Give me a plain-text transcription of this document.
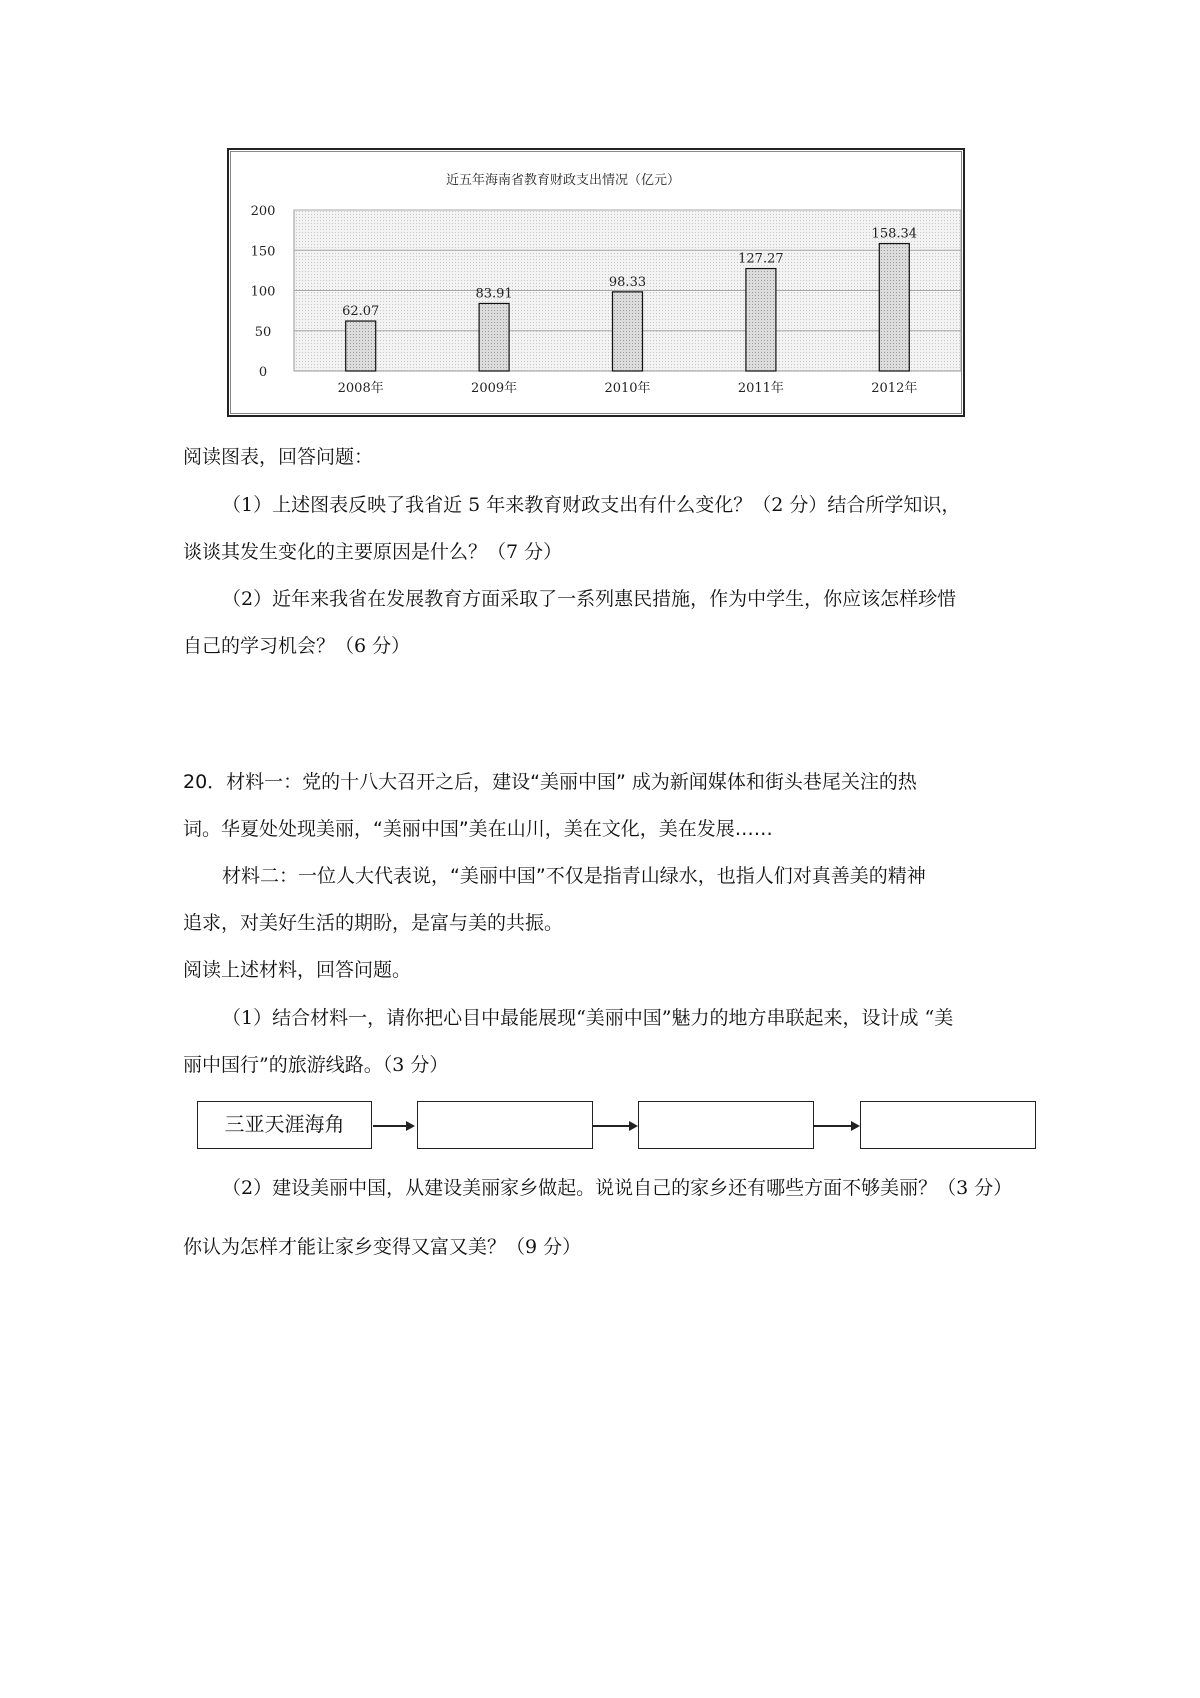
近五年海南省教育财政支出情况（亿元）
0
50
100
150
200
62.07
2008年
83.91
2009年
98.33
2010年
127.27
2011年
158.34
2012年
阅读图表，回答问题：
（1）上述图表反映了我省近 5 年来教育财政支出有什么变化？（2 分）结合所学知识，
谈谈其发生变化的主要原因是什么？（7 分）
（2）近年来我省在发展教育方面采取了一系列惠民措施，作为中学生，你应该怎样珍惜
自己的学习机会？（6 分）
20．材料一：党的十八大召开之后，建设“美丽中国” 成为新闻媒体和街头巷尾关注的热
词。华夏处处现美丽，“美丽中国”美在山川，美在文化，美在发展……
材料二：一位人大代表说，“美丽中国”不仅是指青山绿水，也指人们对真善美的精神
追求，对美好生活的期盼，是富与美的共振。
阅读上述材料，回答问题。
（1）结合材料一，请你把心目中最能展现“美丽中国”魅力的地方串联起来，设计成 “美
丽中国行”的旅游线路。（3 分）
三亚天涯海角
（2）建设美丽中国，从建设美丽家乡做起。说说自己的家乡还有哪些方面不够美丽？（3 分）
你认为怎样才能让家乡变得又富又美？（9 分）
